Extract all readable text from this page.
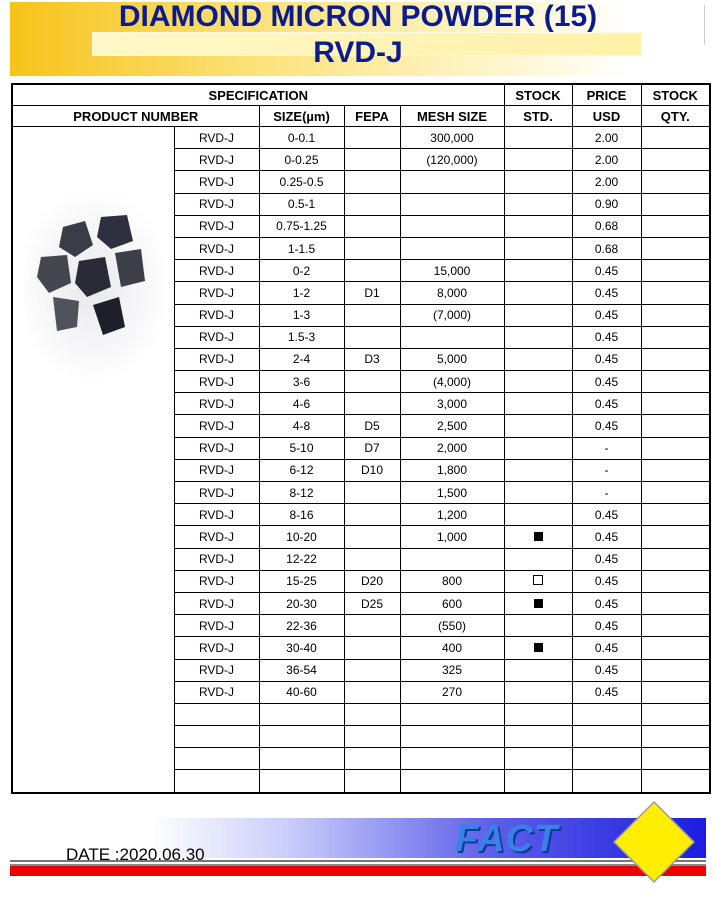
DIAMOND MICRON POWDER (15)
RVD-J
SPECIFICATION					STOCK	PRICE	STOCK
PRODUCT NUMBER		SIZE(µm)	FEPA	MESH SIZE	STD.	USD	QTY.
	RVD-J	0-0.1		300,000		2.00	
	RVD-J	0-0.25		(120,000)		2.00	
	RVD-J	0.25-0.5				2.00	
	RVD-J	0.5-1				0.90	
	RVD-J	0.75-1.25				0.68	
	RVD-J	1-1.5				0.68	
	RVD-J	0-2		15,000		0.45	
	RVD-J	1-2	D1	8,000		0.45	
	RVD-J	1-3		(7,000)		0.45	
	RVD-J	1.5-3				0.45	
	RVD-J	2-4	D3	5,000		0.45	
	RVD-J	3-6		(4,000)		0.45	
	RVD-J	4-6		3,000		0.45	
	RVD-J	4-8	D5	2,500		0.45	
	RVD-J	5-10	D7	2,000		-	
	RVD-J	6-12	D10	1,800		-	
	RVD-J	8-12		1,500		-	
	RVD-J	8-16		1,200		0.45	
	RVD-J	10-20		1,000		0.45	
	RVD-J	12-22				0.45	
	RVD-J	15-25	D20	800		0.45	
	RVD-J	20-30	D25	600		0.45	
	RVD-J	22-36		(550)		0.45	
	RVD-J	30-40		400		0.45	
	RVD-J	36-54		325		0.45	
	RVD-J	40-60		270		0.45	

DATE :2020.06.30	FACT
